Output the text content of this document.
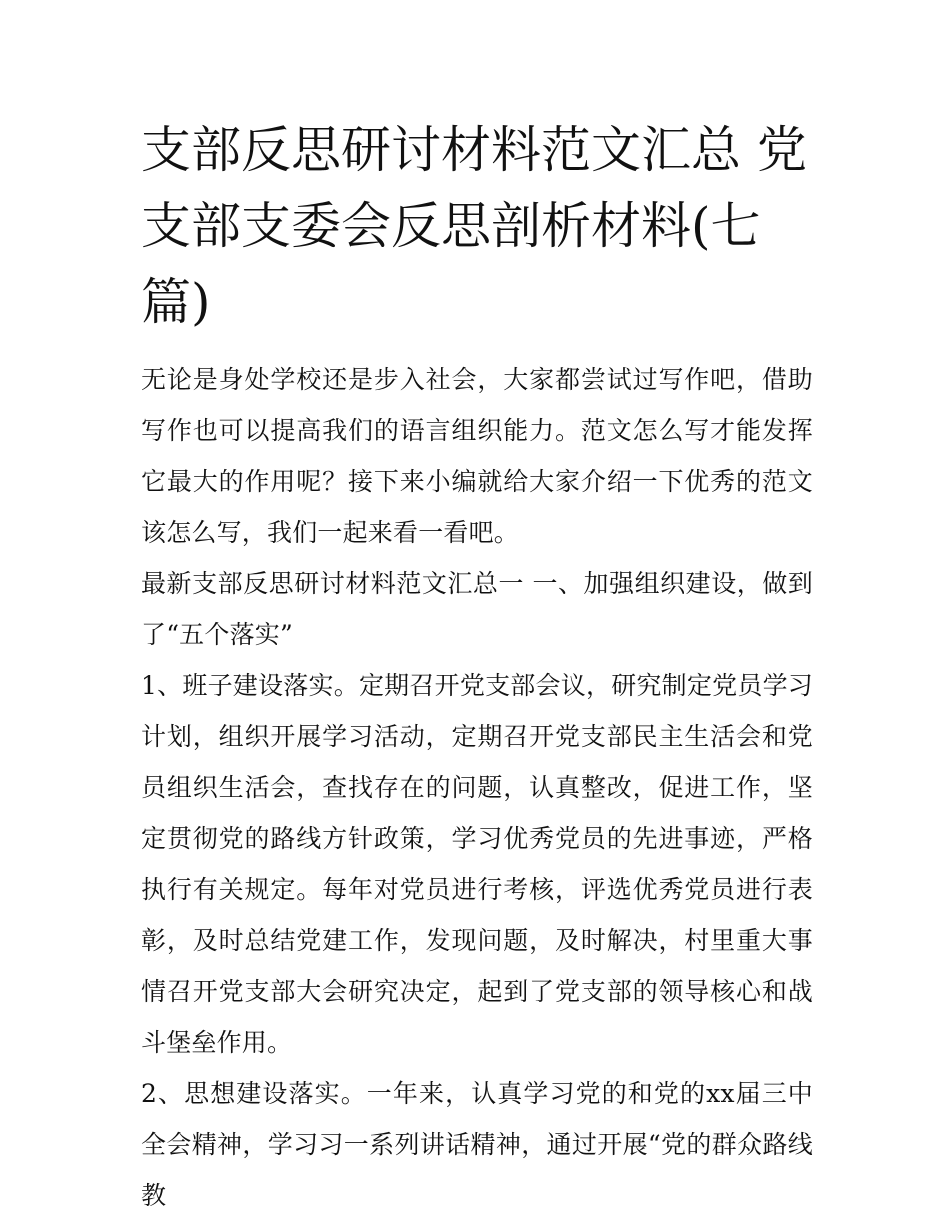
支部反思研讨材料范文汇总 党支部支委会反思剖析材料(七篇)

无论是身处学校还是步入社会，大家都尝试过写作吧，借助写作也可以提高我们的语言组织能力。范文怎么写才能发挥它最大的作用呢？接下来小编就给大家介绍一下优秀的范文该怎么写，我们一起来看一看吧。

最新支部反思研讨材料范文汇总一 一、加强组织建设，做到了“五个落实”

1、班子建设落实。定期召开党支部会议，研究制定党员学习计划，组织开展学习活动，定期召开党支部民主生活会和党员组织生活会，查找存在的问题，认真整改，促进工作，坚定贯彻党的路线方针政策，学习优秀党员的先进事迹，严格执行有关规定。每年对党员进行考核，评选优秀党员进行表彰，及时总结党建工作，发现问题，及时解决，村里重大事情召开党支部大会研究决定，起到了党支部的领导核心和战斗堡垒作用。

2、思想建设落实。一年来，认真学习党的和党的xx届三中全会精神，学习习一系列讲话精神，通过开展“党的群众路线教
